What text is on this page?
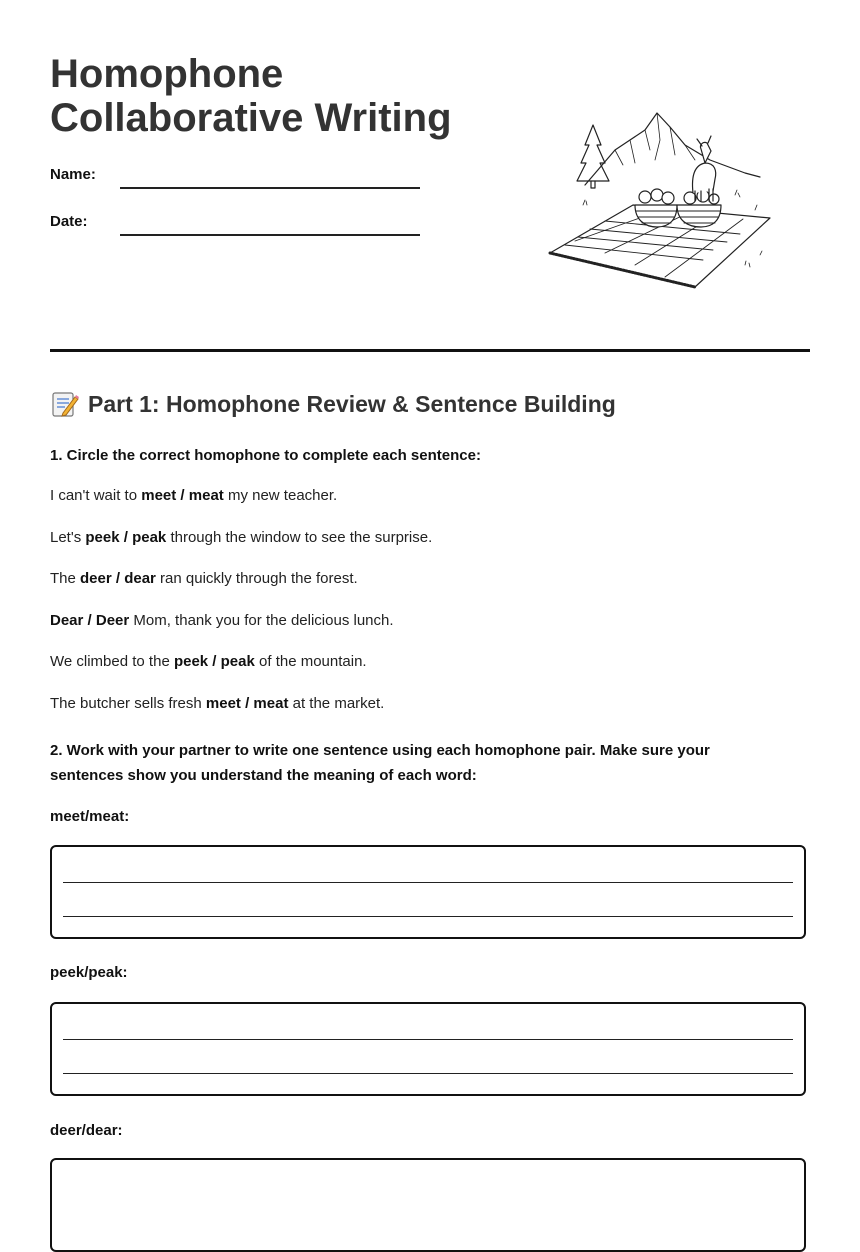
Homophone
Collaborative Writing
Name:
Date:
Part 1: Homophone Review & Sentence Building
1. Circle the correct homophone to complete each sentence:
I can't wait to meet / meat my new teacher.
Let's peek / peak through the window to see the surprise.
The deer / dear ran quickly through the forest.
Dear / Deer Mom, thank you for the delicious lunch.
We climbed to the peek / peak of the mountain.
The butcher sells fresh meet / meat at the market.
2. Work with your partner to write one sentence using each homophone pair. Make sure your sentences show you understand the meaning of each word:
meet/meat:
peek/peak:
deer/dear:
